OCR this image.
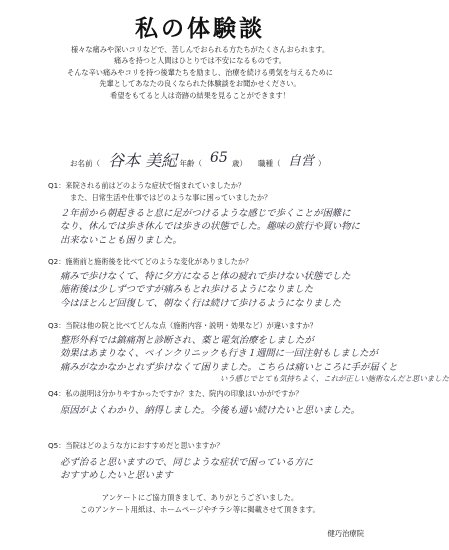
私の体験談
様々な痛みや深いコリなどで、苦しんでおられる方たちがたくさんおられます。
痛みを持つと人間はひとりでは不安になるものです。
そんな辛い痛みやコリを持つ後輩たちを励まし、治療を続ける勇気を与えるために
先輩としてあなたの良くなられた体験談をお聞かせください。
希望をもてると人は奇跡の結果を見ることができます！
お名前（ 谷本 美紀
）年齢（ 65 歳） 職種（ 自営 ）
Q1：来院される前はどのような症状で悩まれていましたか？
また、日常生活や仕事ではどのような事に困っていましたか？
２年前から朝起きると息に足がつけるような感じで歩くことが困難に
なり、休んでは歩き休んでは歩きの状態でした。趣味の旅行や買い物に
出来ないことも困りました。
Q2：施術前と施術後を比べてどのような変化がありましたか？
痛みで歩けなくて、特に夕方になると体の疲れで歩けない状態でした
施術後は少しずつですが痛みもとれ歩けるようになりました
今はほとんど回復して、朝なく行は続けて歩けるようになりました
Q3：当院は他の院と比べてどんな点（施術内容・説明・効果など）が違いますか？
整形外科では鎮痛剤と診断され、薬と電気治療をしましたが
効果はあまりなく、ペインクリニックも行き１週間に一回注射もしましたが
痛みがなかなかとれず歩けなくて困りました。こちらは痛いところに手が届くと
いう感じでとても気持ちよく、これが正しい施術なんだと思いました
Q4：私の説明は分かりやすかったですか？また、院内の印象はいかがですか？
原因がよくわかり、納得しました。今後も通い続けたいと思いました。
Q5：当院はどのような方におすすめだと思いますか？
必ず治ると思いますので、同じような症状で困っている方に
おすすめしたいと思います
アンケートにご協力頂きまして、ありがとうございました。
このアンケート用紙は、ホームページやチラシ等に掲載させて頂きます。
健巧治療院
